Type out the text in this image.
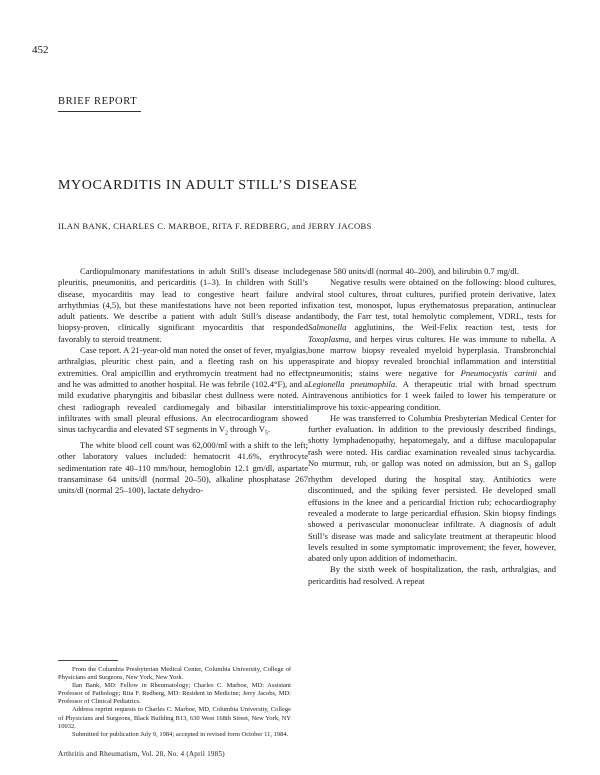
452
BRIEF REPORT
MYOCARDITIS IN ADULT STILL’S DISEASE
ILAN BANK, CHARLES C. MARBOE, RITA F. REDBERG, and JERRY JACOBS

Cardiopulmonary manifestations in adult Still’s disease include pleuritis, pneumonitis, and pericarditis (1–3). In children with Still’s disease, myocarditis may lead to congestive heart failure and arrhythmias (4,5), but these manifestations have not been reported in adult patients. We describe a patient with adult Still’s disease and biopsy-proven, clinically significant myocarditis that responded favorably to steroid treatment.

Case report. A 21-year-old man noted the onset of fever, myalgias, arthralgias, pleuritic chest pain, and a fleeting rash on his upper extremities. Oral ampicillin and erythromycin treatment had no effect and he was admitted to another hospital. He was febrile (102.4°F), and a mild exudative pharyngitis and bibasilar chest dullness were noted. A chest radiograph revealed cardiomegaly and bibasilar interstitial infiltrates with small pleural effusions. An electrocardiogram showed sinus tachycardia and elevated ST segments in $V_2$ through $V_5$.

The white blood cell count was 62,000/ml with a shift to the left; other laboratory values included: hematocrit 41.6%, erythrocyte sedimentation rate 40–110 mm/hour, hemoglobin 12.1 gm/dl, aspartate transaminase 64 units/dl (normal 20–50), alkaline phosphatase 267 units/dl (normal 25–100), lactate dehydro-

genase 580 units/dl (normal 40–200), and bilirubin 0.7 mg/dl.

Negative results were obtained on the following: blood cultures, viral stool cultures, throat cultures, purified protein derivative, latex fixation test, monospot, lupus erythematosus preparation, antinuclear antibody, the Farr test, total hemolytic complement, VDRL, tests for Salmonella agglutinins, the Weil-Felix reaction test, tests for Toxoplasma, and herpes virus cultures. He was immune to rubella. A bone marrow biopsy revealed myeloid hyperplasia. Transbronchial aspirate and biopsy revealed bronchial inflammation and interstitial pneumonitis; stains were negative for Pneumocystis carinii and Legionella pneumophila. A therapeutic trial with broad spectrum intravenous antibiotics for 1 week failed to lower his temperature or improve his toxic-appearing condition.

He was transferred to Columbia Presbyterian Medical Center for further evaluation. In addition to the previously described findings, shotty lymphadenopathy, hepatomegaly, and a diffuse maculopapular rash were noted. His cardiac examination revealed sinus tachycardia. No murmur, rub, or gallop was noted on admission, but an $S_3$ gallop rhythm developed during the hospital stay. Antibiotics were discontinued, and the spiking fever persisted. He developed small effusions in the knee and a pericardial friction rub; echocardiography revealed a moderate to large pericardial effusion. Skin biopsy findings showed a perivascular mononuclear infiltrate. A diagnosis of adult Still’s disease was made and salicylate treatment at therapeutic blood levels resulted in some symptomatic improvement; the fever, however, abated only upon addition of indomethacin.

By the sixth week of hospitalization, the rash, arthralgias, and pericarditis had resolved. A repeat

From the Columbia Presbyterian Medical Center, Columbia University, College of Physicians and Surgeons, New York, New York.

Ilan Bank, MD: Fellow in Rheumatology; Charles C. Marboe, MD: Assistant Professor of Pathology; Rita F. Redberg, MD: Resident in Medicine; Jerry Jacobs, MD: Professor of Clinical Pediatrics.

Address reprint requests to Charles C. Marboe, MD, Columbia University, College of Physicians and Surgeons, Black Building B13, 630 West 168th Street, New York, NY 10032.

Submitted for publication July 9, 1984; accepted in revised form October 11, 1984.

Arthritis and Rheumatism, Vol. 28, No. 4 (April 1985)
